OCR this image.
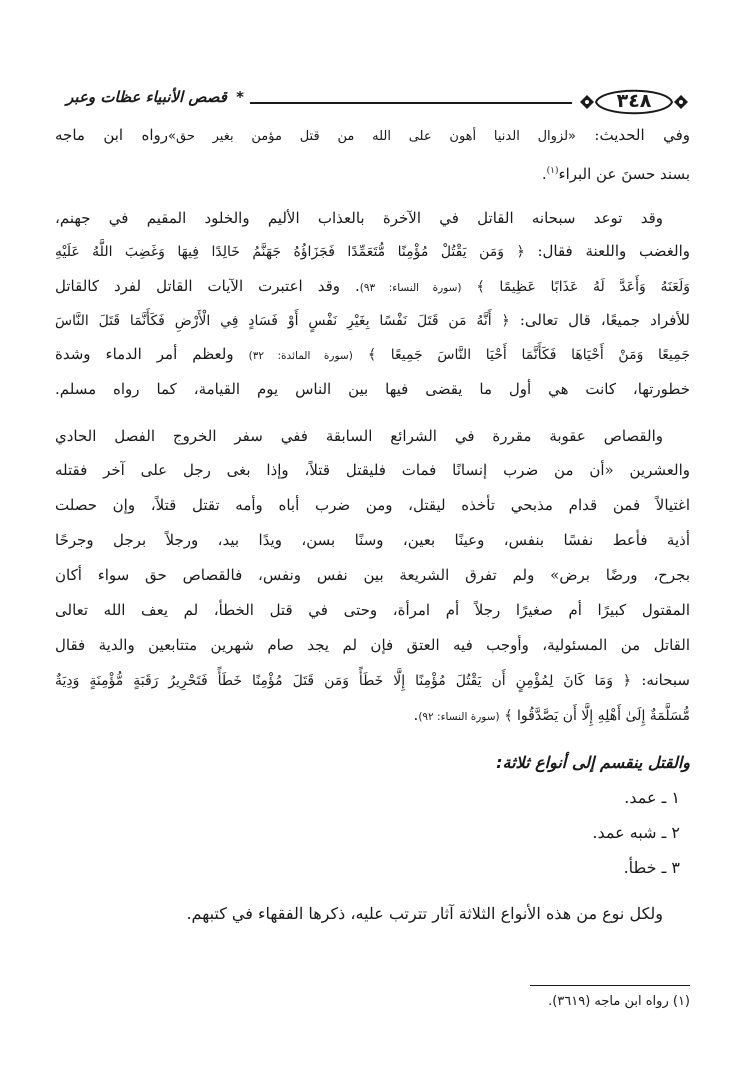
* قصص الأنبياء عظات وعبر	٣٤٨
وفي الحديث: «لزوال الدنيا أهون على الله من قتل مؤمن بغير حق»رواه ابن ماجه
بسند حسنَ عن البراء$^{(١)}$.
وقد توعد سبحانه القاتل في الآخرة بالعذاب الأليم والخلود المقيم في جهنم،
والغضب واللعنة فقال: ﴿ وَمَن يَقْتُلْ مُؤْمِنًا مُّتَعَمِّدًا فَجَزَاؤُهُ جَهَنَّمُ خَالِدًا فِيهَا وَغَضِبَ اللَّهُ عَلَيْهِ
وَلَعَنَهُ وَأَعَدَّ لَهُ عَذَابًا عَظِيمًا ﴾ (سورة النساء: ٩٣). وقد اعتبرت الآيات القاتل لفرد كالقاتل
للأفراد جميعًا، قال تعالى: ﴿ أَنَّهُ مَن قَتَلَ نَفْسًا بِغَيْرِ نَفْسٍ أَوْ فَسَادٍ فِي الْأَرْضِ فَكَأَنَّمَا قَتَلَ النَّاسَ
جَمِيعًا وَمَنْ أَحْيَاهَا فَكَأَنَّمَا أَحْيَا النَّاسَ جَمِيعًا ﴾ (سورة المائدة: ٣٢) ولعظم أمر الدماء وشدة
خطورتها، كانت هي أول ما يقضى فيها بين الناس يوم القيامة، كما رواه مسلم.
والقصاص عقوبة مقررة في الشرائع السابقة ففي سفر الخروج الفصل الحادي
والعشرين «أن من ضرب إنسانًا فمات فليقتل قتلاً، وإذا بغى رجل على آخر فقتله
اغتيالاً فمن قدام مذبحي تأخذه ليقتل، ومن ضرب أباه وأمه تقتل قتلاً، وإن حصلت
أذية فأعط نفسًا بنفس، وعينًا بعين، وسنًا بسن، ويدًا بيد، ورجلاً برجل وجرحًا
بجرح، ورضًا برض» ولم تفرق الشريعة بين نفس ونفس، فالقصاص حق سواء أكان
المقتول كبيرًا أم صغيرًا رجلاً أم امرأة، وحتى في قتل الخطأ، لم يعف الله تعالى
القاتل من المسئولية، وأوجب فيه العتق فإن لم يجد صام شهرين متتابعين والدية فقال
سبحانه: ﴿ وَمَا كَانَ لِمُؤْمِنٍ أَن يَقْتُلَ مُؤْمِنًا إِلَّا خَطَأً وَمَن قَتَلَ مُؤْمِنًا خَطَأً فَتَحْرِيرُ رَقَبَةٍ مُّؤْمِنَةٍ وَدِيَةٌ
مُّسَلَّمَةٌ إِلَىٰ أَهْلِهِ إِلَّا أَن يَصَّدَّقُوا ﴾ (سورة النساء: ٩٢).
والقتل ينقسم إلى أنواع ثلاثة:
١ ـ عمد.
٢ ـ شبه عمد.
٣ ـ خطأ.
ولكل نوع من هذه الأنواع الثلاثة آثار تترتب عليه، ذكرها الفقهاء في كتبهم.
(١) رواه ابن ماجه (٣٦١٩).
